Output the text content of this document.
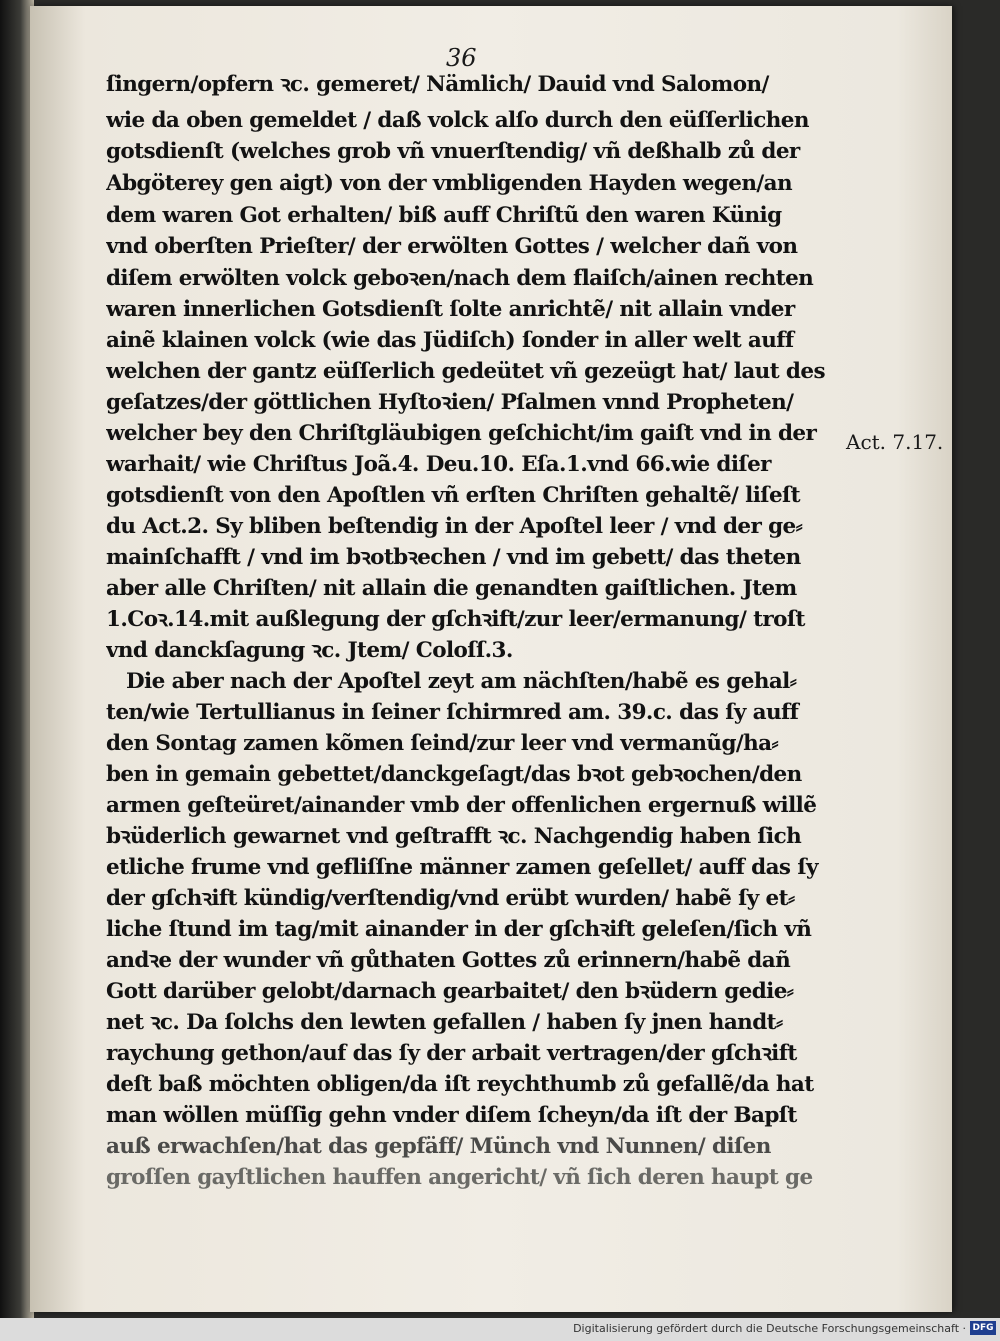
36
ſingern/opfern ꝛc. gemeret/ Nämlich/ Dauid vnd Salomon/
wie da oben gemeldet / daß volck alſo durch den eüſſerlichen
gotsdienſt (welches grob vñ vnuerſtendig/ vñ deßhalb zů der
Abgöterey gen aigt) von der vmbligenden Hayden wegen/an
dem waren Got erhalten/ biß auff Chriſtũ den waren Künig
vnd oberſten Prieſter/ der erwölten Gottes / welcher dañ von
diſem erwölten volck geboꝛen/nach dem flaiſch/ainen rechten
waren innerlichen Gotsdienſt ſolte anrichtẽ/ nit allain vnder
ainẽ klainen volck (wie das Jüdiſch) ſonder in aller welt auff
welchen der gantz eüſſerlich gedeütet vñ gezeügt hat/ laut des
geſatzes/der göttlichen Hyſtoꝛien/ Pſalmen vnnd Propheten/
welcher bey den Chriſtgläubigen geſchicht/im gaiſt vnd in der
warhait/ wie Chriſtus Joã.4. Deu.10. Eſa.1.vnd 66.wie diſer
gotsdienſt von den Apoſtlen vñ erſten Chriſten gehaltẽ/ liſeſt
du Act.2. Sy bliben beſtendig in der Apoſtel leer / vnd der ge⸗
mainſchafft / vnd im bꝛotbꝛechen / vnd im gebett/ das theten
aber alle Chriſten/ nit allain die genandten gaiſtlichen. Jtem
1.Coꝛ.14.mit außlegung der gſchꝛift/zur leer/ermanung/ troſt
vnd danckſagung ꝛc. Jtem/ Coloſſ.3.
Die aber nach der Apoſtel zeyt am nächſten/habẽ es gehal⸗
ten/wie Tertullianus in ſeiner ſchirmred am. 39.c. das ſy auff
den Sontag zamen kõmen ſeind/zur leer vnd vermanũg/ha⸗
ben in gemain gebettet/danckgeſagt/das bꝛot gebꝛochen/den
armen geſteüret/ainander vmb der offenlichen ergernuß willẽ
bꝛüderlich gewarnet vnd geſtrafft ꝛc. Nachgendig haben ſich
etliche frume vnd gefliſſne männer zamen geſellet/ auff das ſy
der gſchꝛift kündig/verſtendig/vnd erübt wurden/ habẽ ſy et⸗
liche ſtund im tag/mit ainander in der gſchꝛift geleſen/ſich vñ
andꝛe der wunder vñ gůthaten Gottes zů erinnern/habẽ dañ
Gott darüber gelobt/darnach gearbaitet/ den bꝛüdern gedie⸗
net ꝛc. Da ſolchs den lewten gefallen / haben ſy jnen handt⸗
raychung gethon/auf das ſy der arbait vertragen/der gſchꝛift
deſt baß möchten obligen/da iſt reychthumb zů gefallẽ/da hat
man wöllen müſſig gehn vnder diſem ſcheyn/da iſt der Bapſt
auß erwachſen/hat das gepfäff/ Münch vnd Nunnen/ diſen
groſſen gayſtlichen hauffen angericht/ vñ ſich deren haupt ge
Act. 7.17.
Digitalisierung gefördert durch die Deutsche Forschungsgemeinschaft · DFG
